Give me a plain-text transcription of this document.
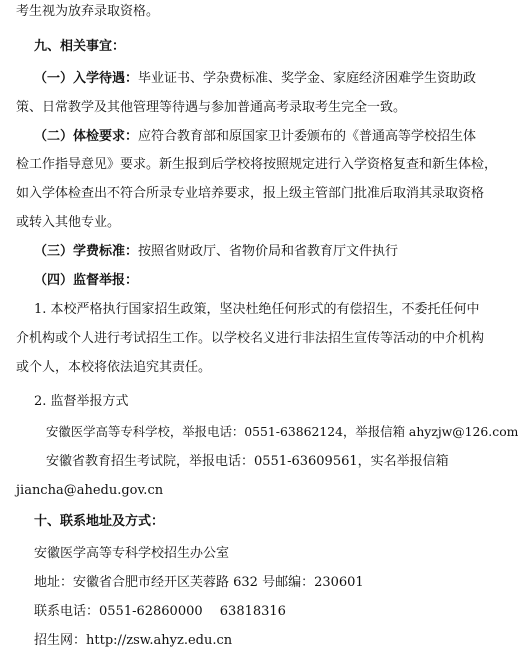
考生视为放弃录取资格。
九、相关事宜：
（一）入学待遇：毕业证书、学杂费标准、奖学金、家庭经济困难学生资助政
策、日常教学及其他管理等待遇与参加普通高考录取考生完全一致。
（二）体检要求：应符合教育部和原国家卫计委颁布的《普通高等学校招生体
检工作指导意见》要求。新生报到后学校将按照规定进行入学资格复查和新生体检，
如入学体检查出不符合所录专业培养要求，报上级主管部门批准后取消其录取资格
或转入其他专业。
（三）学费标准：按照省财政厅、省物价局和省教育厅文件执行
（四）监督举报：
1. 本校严格执行国家招生政策，坚决杜绝任何形式的有偿招生，不委托任何中
介机构或个人进行考试招生工作。以学校名义进行非法招生宣传等活动的中介机构
或个人，本校将依法追究其责任。
2. 监督举报方式
安徽医学高等专科学校，举报电话：0551-63862124，举报信箱 ahyzjw@126.com
安徽省教育招生考试院，举报电话：0551-63609561，实名举报信箱
jiancha@ahedu.gov.cn
十、联系地址及方式：
安徽医学高等专科学校招生办公室
地址：安徽省合肥市经开区芙蓉路 632 号邮编：230601
联系电话：0551-62860000　 63818316
招生网：http://zsw.ahyz.edu.cn
